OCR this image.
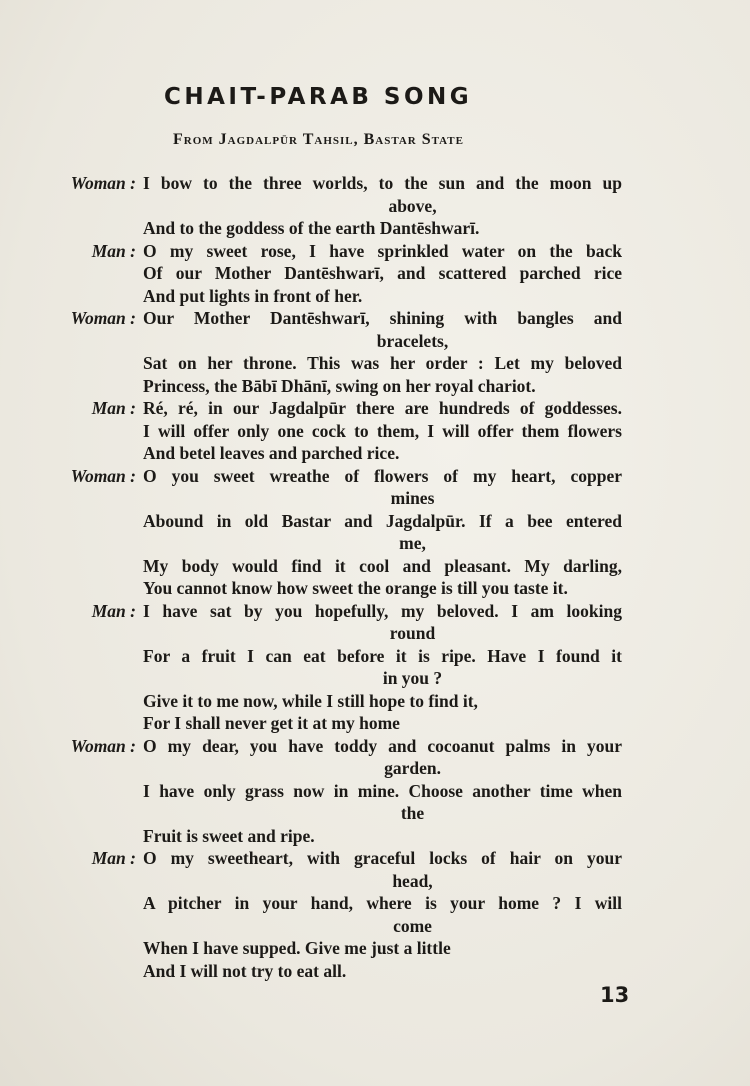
CHAIT-PARAB SONG
From Jagdalpūr Tahsil, Bastar State
Woman : I bow to the three worlds, to the sun and the moon up
above,
And to the goddess of the earth Dantēshwarī.
Man : O my sweet rose, I have sprinkled water on the back
Of our Mother Dantēshwarī, and scattered parched rice
And put lights in front of her.
Woman : Our Mother Dantēshwarī, shining with bangles and
bracelets,
Sat on her throne. This was her order : Let my beloved
Princess, the Bābī Dhānī, swing on her royal chariot.
Man : Ré, ré, in our Jagdalpūr there are hundreds of goddesses.
I will offer only one cock to them, I will offer them flowers
And betel leaves and parched rice.
Woman : O you sweet wreathe of flowers of my heart, copper
mines
Abound in old Bastar and Jagdalpūr. If a bee entered
me,
My body would find it cool and pleasant. My darling,
You cannot know how sweet the orange is till you taste it.
Man : I have sat by you hopefully, my beloved. I am looking
round
For a fruit I can eat before it is ripe. Have I found it
in you ?
Give it to me now, while I still hope to find it,
For I shall never get it at my home
Woman : O my dear, you have toddy and cocoanut palms in your
garden.
I have only grass now in mine. Choose another time when
the
Fruit is sweet and ripe.
Man : O my sweetheart, with graceful locks of hair on your
head,
A pitcher in your hand, where is your home ? I will
come
When I have supped. Give me just a little
And I will not try to eat all.
13
